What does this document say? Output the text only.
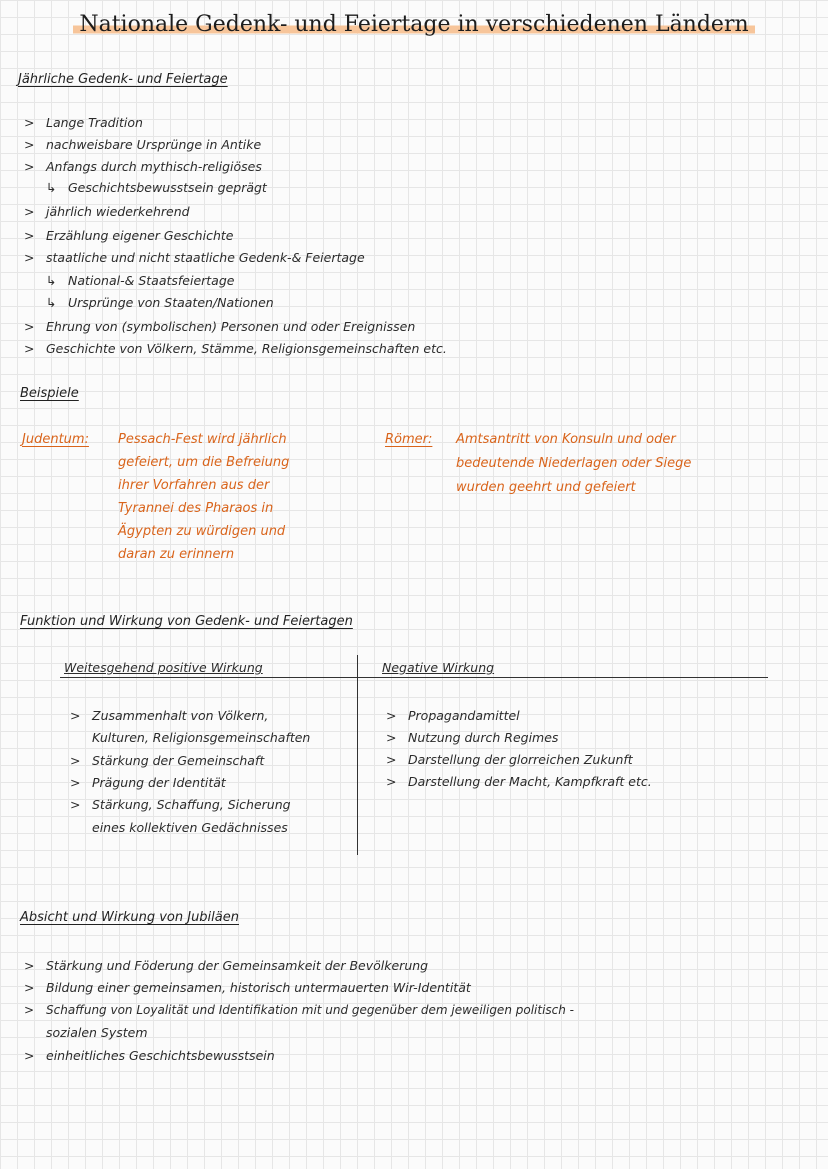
Nationale Gedenk- und Feiertage in verschiedenen Ländern
Jährliche Gedenk- und Feiertage
> Lange Tradition
> nachweisbare Ursprünge in Antike
> Anfangs durch mythisch-religiöses
↳ Geschichtsbewusstsein geprägt
> jährlich wiederkehrend
> Erzählung eigener Geschichte
> staatliche und nicht staatliche Gedenk-& Feiertage
↳ National-& Staatsfeiertage
↳ Ursprünge von Staaten/Nationen
> Ehrung von (symbolischen) Personen und oder Ereignissen
> Geschichte von Völkern, Stämme, Religionsgemeinschaften etc.
Beispiele
Judentum: Pessach-Fest wird jährlich
gefeiert, um die Befreiung
ihrer Vorfahren aus der
Tyrannei des Pharaos in
Ägypten zu würdigen und
daran zu erinnern
Römer: Amtsantritt von Konsuln und oder
bedeutende Niederlagen oder Siege
wurden geehrt und gefeiert
Funktion und Wirkung von Gedenk- und Feiertagen
Weitesgehend positive Wirkung	Negative Wirkung
> Zusammenhalt von Völkern,
Kulturen, Religionsgemeinschaften
> Stärkung der Gemeinschaft
> Prägung der Identität
> Stärkung, Schaffung, Sicherung
eines kollektiven Gedächnisses
> Propagandamittel
> Nutzung durch Regimes
> Darstellung der glorreichen Zukunft
> Darstellung der Macht, Kampfkraft etc.
Absicht und Wirkung von Jubiläen
> Stärkung und Föderung der Gemeinsamkeit der Bevölkerung
> Bildung einer gemeinsamen, historisch untermauerten Wir-Identität
> Schaffung von Loyalität und Identifikation mit und gegenüber dem jeweiligen politisch -
sozialen System
> einheitliches Geschichtsbewusstsein
